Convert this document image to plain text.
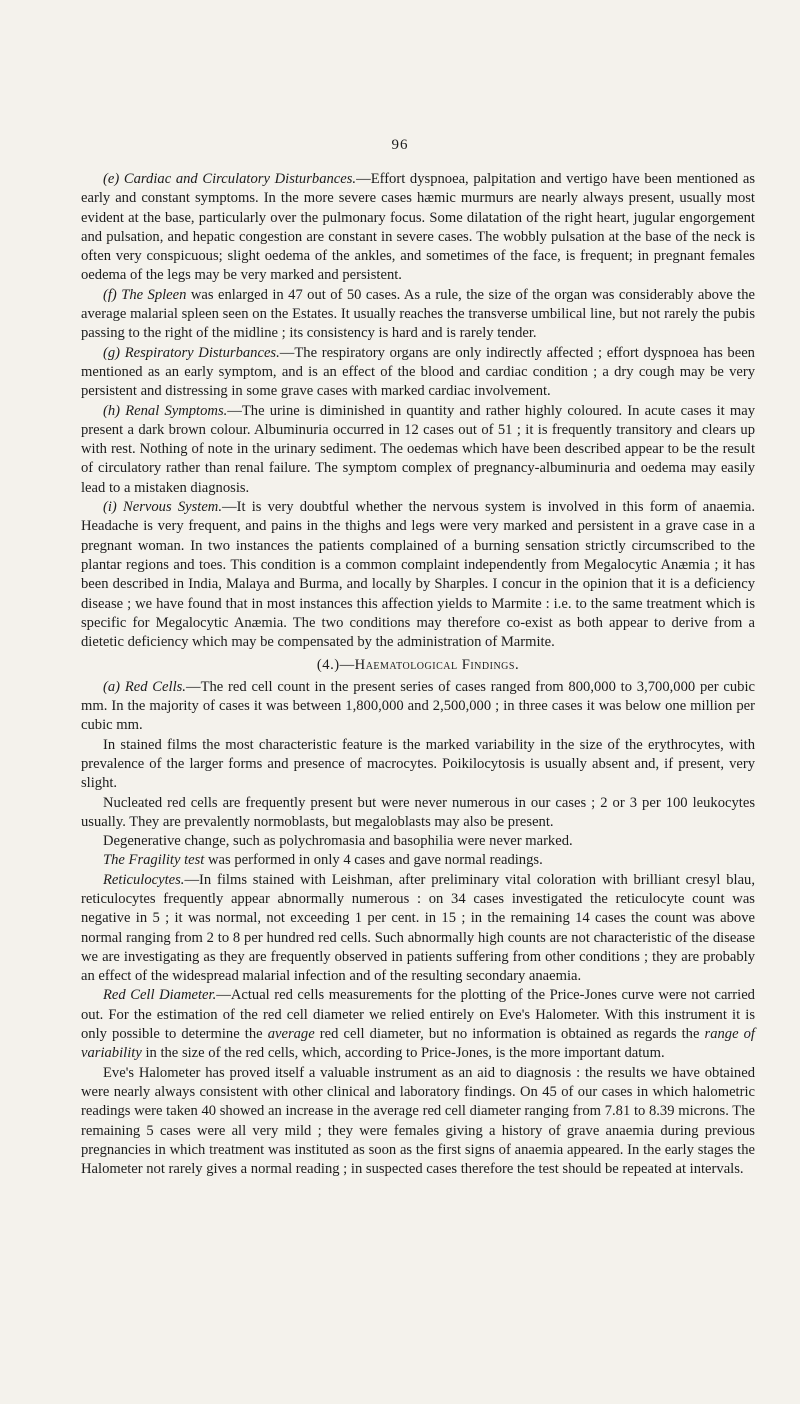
96

(e) Cardiac and Circulatory Disturbances.—Effort dyspnoea, palpitation and vertigo have been mentioned as early and constant symptoms. In the more severe cases hæmic murmurs are nearly always present, usually most evident at the base, particularly over the pulmonary focus. Some dilatation of the right heart, jugular engorgement and pulsation, and hepatic congestion are constant in severe cases. The wobbly pulsation at the base of the neck is often very conspicuous; slight oedema of the ankles, and sometimes of the face, is frequent; in pregnant females oedema of the legs may be very marked and persistent.

(f) The Spleen was enlarged in 47 out of 50 cases. As a rule, the size of the organ was considerably above the average malarial spleen seen on the Estates. It usually reaches the transverse umbilical line, but not rarely the pubis passing to the right of the midline ; its consistency is hard and is rarely tender.

(g) Respiratory Disturbances.—The respiratory organs are only indirectly affected ; effort dyspnoea has been mentioned as an early symptom, and is an effect of the blood and cardiac condition ; a dry cough may be very persistent and distressing in some grave cases with marked cardiac involvement.

(h) Renal Symptoms.—The urine is diminished in quantity and rather highly coloured. In acute cases it may present a dark brown colour. Albuminuria occurred in 12 cases out of 51 ; it is frequently transitory and clears up with rest. Nothing of note in the urinary sediment. The oedemas which have been described appear to be the result of circulatory rather than renal failure. The symptom complex of pregnancy-albuminuria and oedema may easily lead to a mistaken diagnosis.

(i) Nervous System.—It is very doubtful whether the nervous system is involved in this form of anaemia. Headache is very frequent, and pains in the thighs and legs were very marked and persistent in a grave case in a pregnant woman. In two instances the patients complained of a burning sensation strictly circumscribed to the plantar regions and toes. This condition is a common complaint independently from Megalocytic Anæmia ; it has been described in India, Malaya and Burma, and locally by Sharples. I concur in the opinion that it is a deficiency disease ; we have found that in most instances this affection yields to Marmite : i.e. to the same treatment which is specific for Megalocytic Anæmia. The two conditions may therefore co-exist as both appear to derive from a dietetic deficiency which may be compensated by the administration of Marmite.

(4.)—Haematological Findings.

(a) Red Cells.—The red cell count in the present series of cases ranged from 800,000 to 3,700,000 per cubic mm. In the majority of cases it was between 1,800,000 and 2,500,000 ; in three cases it was below one million per cubic mm.

In stained films the most characteristic feature is the marked variability in the size of the erythrocytes, with prevalence of the larger forms and presence of macrocytes. Poikilocytosis is usually absent and, if present, very slight.

Nucleated red cells are frequently present but were never numerous in our cases ; 2 or 3 per 100 leukocytes usually. They are prevalently normoblasts, but megaloblasts may also be present.

Degenerative change, such as polychromasia and basophilia were never marked.

The Fragility test was performed in only 4 cases and gave normal readings.

Reticulocytes.—In films stained with Leishman, after preliminary vital coloration with brilliant cresyl blau, reticulocytes frequently appear abnormally numerous : on 34 cases investigated the reticulocyte count was negative in 5 ; it was normal, not exceeding 1 per cent. in 15 ; in the remaining 14 cases the count was above normal ranging from 2 to 8 per hundred red cells. Such abnormally high counts are not characteristic of the disease we are investigating as they are frequently observed in patients suffering from other conditions ; they are probably an effect of the widespread malarial infection and of the resulting secondary anaemia.

Red Cell Diameter.—Actual red cells measurements for the plotting of the Price-Jones curve were not carried out. For the estimation of the red cell diameter we relied entirely on Eve's Halometer. With this instrument it is only possible to determine the average red cell diameter, but no information is obtained as regards the range of variability in the size of the red cells, which, according to Price-Jones, is the more important datum.

Eve's Halometer has proved itself a valuable instrument as an aid to diagnosis : the results we have obtained were nearly always consistent with other clinical and laboratory findings. On 45 of our cases in which halometric readings were taken 40 showed an increase in the average red cell diameter ranging from 7.81 to 8.39 microns. The remaining 5 cases were all very mild ; they were females giving a history of grave anaemia during previous pregnancies in which treatment was instituted as soon as the first signs of anaemia appeared. In the early stages the Halometer not rarely gives a normal reading ; in suspected cases therefore the test should be repeated at intervals.
